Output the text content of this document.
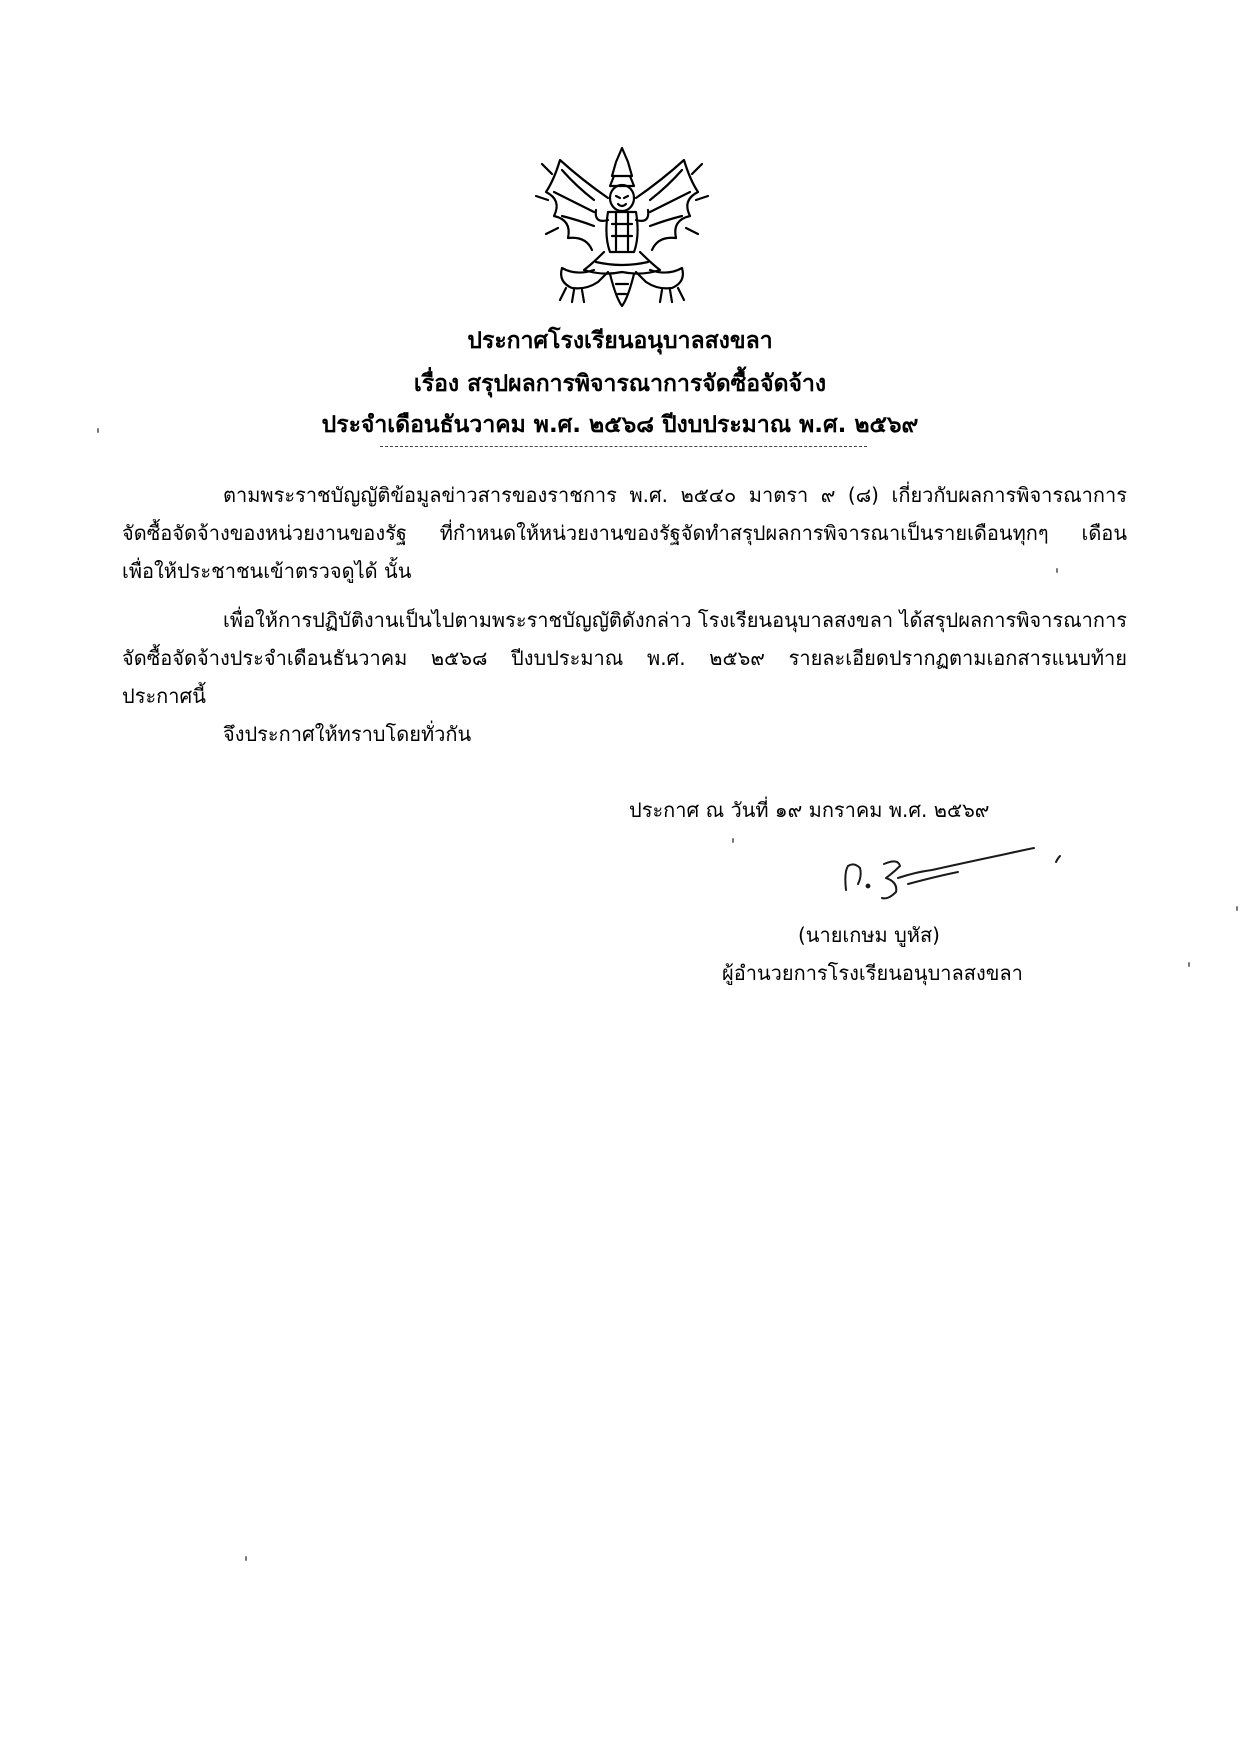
ประกาศโรงเรียนอนุบาลสงขลา
เรื่อง สรุปผลการพิจารณาการจัดซื้อจัดจ้าง
ประจำเดือนธันวาคม พ.ศ. ๒๕๖๘ ปีงบประมาณ พ.ศ. ๒๕๖๙
ตามพระราชบัญญัติข้อมูลข่าวสารของราชการ พ.ศ. ๒๕๔๐ มาตรา ๙ (๘) เกี่ยวกับผลการพิจารณาการ
จัดซื้อจัดจ้างของหน่วยงานของรัฐ ที่กำหนดให้หน่วยงานของรัฐจัดทำสรุปผลการพิจารณาเป็นรายเดือนทุกๆ เดือน
เพื่อให้ประชาชนเข้าตรวจดูได้ นั้น
เพื่อให้การปฏิบัติงานเป็นไปตามพระราชบัญญัติดังกล่าว โรงเรียนอนุบาลสงขลา ได้สรุปผลการพิจารณาการ
จัดซื้อจัดจ้างประจำเดือนธันวาคม ๒๕๖๘ ปีงบประมาณ พ.ศ. ๒๕๖๙ รายละเอียดปรากฏตามเอกสารแนบท้าย
ประกาศนี้
จึงประกาศให้ทราบโดยทั่วกัน
ประกาศ ณ วันที่ ๑๙ มกราคม พ.ศ. ๒๕๖๙
(นายเกษม บูหัส)
ผู้อำนวยการโรงเรียนอนุบาลสงขลา
